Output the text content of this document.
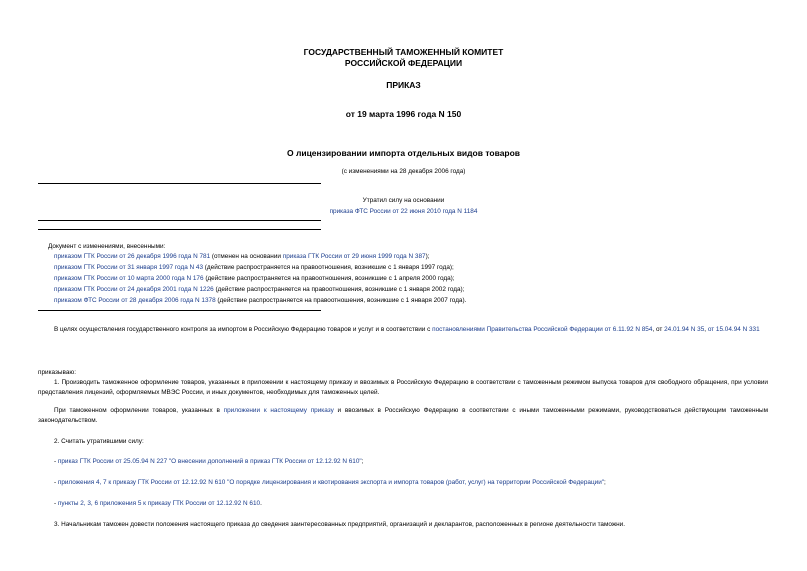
ГОСУДАРСТВЕННЫЙ ТАМОЖЕННЫЙ КОМИТЕТ
РОССИЙСКОЙ ФЕДЕРАЦИИ
ПРИКАЗ
от 19 марта 1996 года N 150
О лицензировании импорта отдельных видов товаров
(с изменениями на 28 декабря 2006 года)
Утратил силу на основании
приказа ФТС России от 22 июня 2010 года N 1184
Документ с изменениями, внесенными:
приказом ГТК России от 26 декабря 1996 года N 781 (отменен на основании приказа ГТК России от 29 июня 1999 года N 387);
приказом ГТК России от 31 января 1997 года N 43 (действие распространяется на правоотношения, возникшие с 1 января 1997 года);
приказом ГТК России от 10 марта 2000 года N 176 (действие распространяется на правоотношения, возникшие с 1 апреля 2000 года);
приказом ГТК России от 24 декабря 2001 года N 1226 (действие распространяется на правоотношения, возникшие с 1 января 2002 года);
приказом ФТС России от 28 декабря 2006 года N 1378 (действие распространяется на правоотношения, возникшие с 1 января 2007 года).
В целях осуществления государственного контроля за импортом в Российскую Федерацию товаров и услуг и в соответствии с постановлениями Правительства Российской Федерации от 6.11.92 N 854, от 24.01.94 N 35, от 15.04.94 N 331
приказываю:
1. Производить таможенное оформление товаров, указанных в приложении к настоящему приказу и ввозимых в Российскую Федерацию в соответствии с таможенным режимом выпуска товаров для свободного обращения, при условии представления лицензий, оформляемых МВЭС России, и иных документов, необходимых для таможенных целей.
При таможенном оформлении товаров, указанных в приложении к настоящему приказу и ввозимых в Российскую Федерацию в соответствии с иными таможенными режимами, руководствоваться действующим таможенным законодательством.
2. Считать утратившими силу:
- приказ ГТК России от 25.05.94 N 227 "О внесении дополнений в приказ ГТК России от 12.12.92 N 610";
- приложения 4, 7 к приказу ГТК России от 12.12.92 N 610 "О порядке лицензирования и квотирования экспорта и импорта товаров (работ, услуг) на территории Российской Федерации";
- пункты 2, 3, 6 приложения 5 к приказу ГТК России от 12.12.92 N 610.
3. Начальникам таможен довести положения настоящего приказа до сведения заинтересованных предприятий, организаций и декларантов, расположенных в регионе деятельности таможни.
